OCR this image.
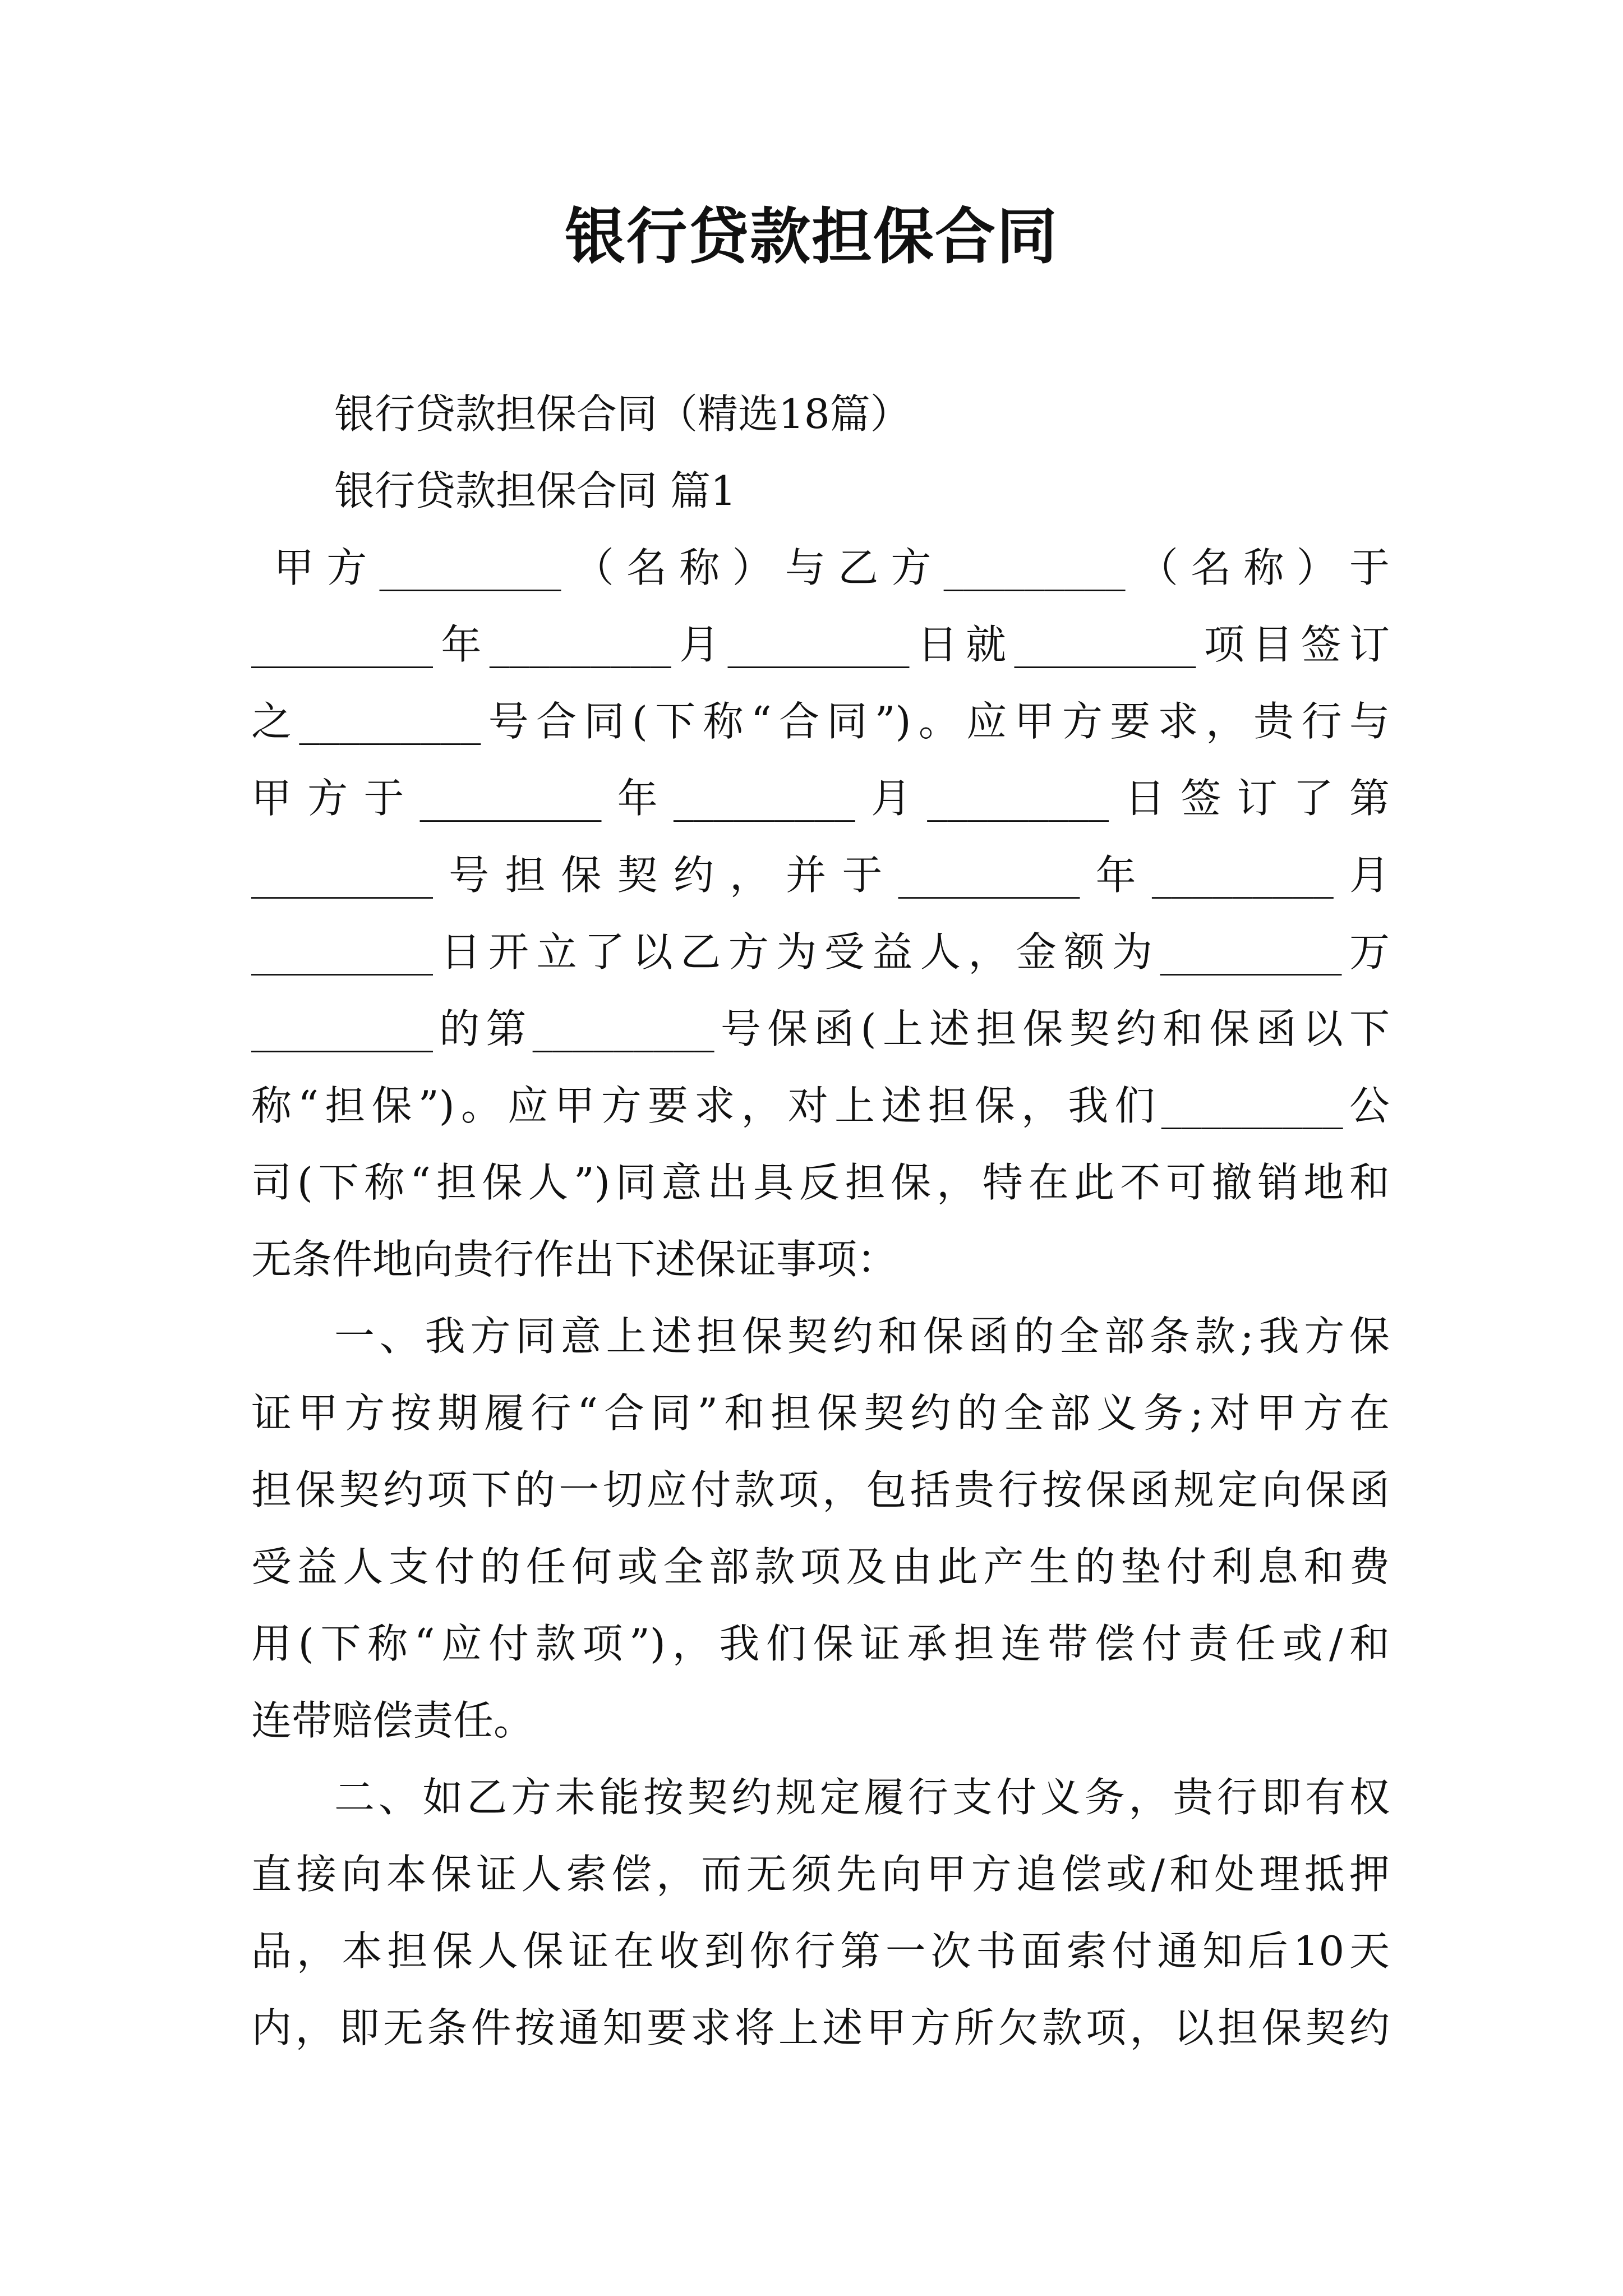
银行贷款担保合同

银行贷款担保合同（精选18篇）

银行贷款担保合同 篇1

甲方_________（名称）与乙方_________（名称）于

_________年_________月_________日就_________项目签订

之_________号合同(下称“合同”)。应甲方要求，贵行与

甲方于_________年_________月_________日签订了第

_________号担保契约，并于_________年_________月

_________日开立了以乙方为受益人，金额为_________万

_________的第_________号保函(上述担保契约和保函以下

称“担保”)。应甲方要求，对上述担保，我们_________公

司(下称“担保人”)同意出具反担保，特在此不可撤销地和

无条件地向贵行作出下述保证事项：

一、我方同意上述担保契约和保函的全部条款;我方保

证甲方按期履行“合同”和担保契约的全部义务;对甲方在

担保契约项下的一切应付款项，包括贵行按保函规定向保函

受益人支付的任何或全部款项及由此产生的垫付利息和费

用(下称“应付款项”)，我们保证承担连带偿付责任或/和

连带赔偿责任。

二、如乙方未能按契约规定履行支付义务，贵行即有权

直接向本保证人索偿，而无须先向甲方追偿或/和处理抵押

品，本担保人保证在收到你行第一次书面索付通知后10天

内，即无条件按通知要求将上述甲方所欠款项，以担保契约
